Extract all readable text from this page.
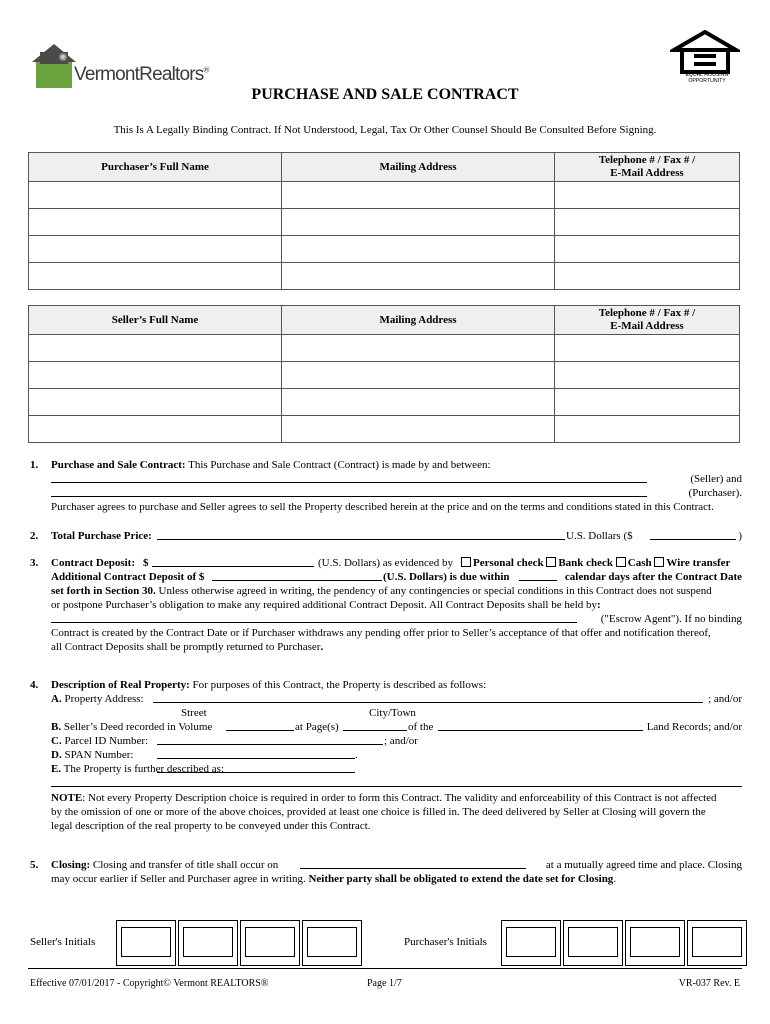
VermontRealtors®
EQUAL HOUSING
OPPORTUNITY
PURCHASE AND SALE CONTRACT
This Is A Legally Binding Contract. If Not Understood, Legal, Tax Or Other Counsel Should Be Consulted Before Signing.
Purchaser’s Full Name	Mailing Address	Telephone # / Fax # /
E-Mail Address

Seller’s Full Name	Mailing Address	Telephone # / Fax # /
E-Mail Address

1. Purchase and Sale Contract: This Purchase and Sale Contract (Contract) is made by and between:
(Seller) and
(Purchaser).
Purchaser agrees to purchase and Seller agrees to sell the Property described herein at the price and on the terms and conditions stated in this Contract.
2. Total Purchase Price:	U.S. Dollars ($	)
3. Contract Deposit: $	(U.S. Dollars) as evidenced by	Personal check Bank check Cash Wire transfer
Additional Contract Deposit of $	(U.S. Dollars) is due within	calendar days after the Contract Date
set forth in Section 30. Unless otherwise agreed in writing, the pendency of any contingencies or special conditions in this Contract does not suspend
or postpone Purchaser’s obligation to make any required additional Contract Deposit. All Contract Deposits shall be held by:
("Escrow Agent"). If no binding
Contract is created by the Contract Date or if Purchaser withdraws any pending offer prior to Seller’s acceptance of that offer and notification thereof,
all Contract Deposits shall be promptly returned to Purchaser.
4. Description of Real Property: For purposes of this Contract, the Property is described as follows:
A. Property Address:	; and/or
Street	City/Town
B. Seller’s Deed recorded in Volume	at Page(s)	of the	Land Records; and/or
C. Parcel ID Number:	; and/or
D. SPAN Number:	.
E. The Property is further described as:
NOTE: Not every Property Description choice is required in order to form this Contract. The validity and enforceability of this Contract is not affected
by the omission of one or more of the above choices, provided at least one choice is filled in. The deed delivered by Seller at Closing will govern the
legal description of the real property to be conveyed under this Contract.
5. Closing: Closing and transfer of title shall occur on	at a mutually agreed time and place. Closing
may occur earlier if Seller and Purchaser agree in writing. Neither party shall be obligated to extend the date set for Closing.
Seller's Initials	Purchaser's Initials
Effective 07/01/2017 - Copyright© Vermont REALTORS®	Page 1/7	VR-037 Rev. E
